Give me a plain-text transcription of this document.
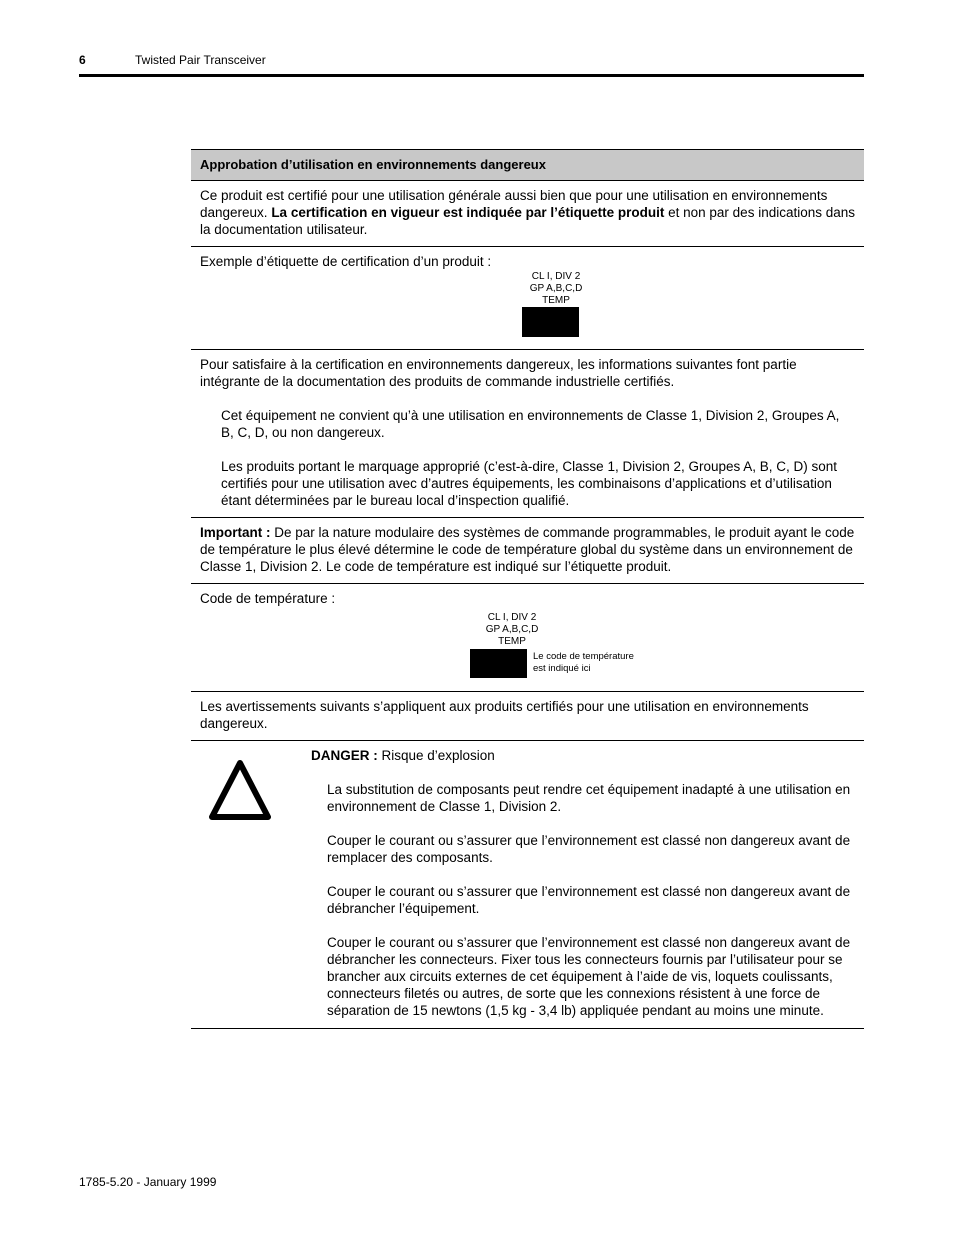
6	Twisted Pair Transceiver
Approbation d’utilisation en environnements dangereux

Ce produit est certifié pour une utilisation générale aussi bien que pour une utilisation en environnements dangereux. La certification en vigueur est indiquée par l’étiquette produit et non par des indications dans la documentation utilisateur.

Exemple d’étiquette de certification d’un produit :
CL I, DIV 2
GP A,B,C,D
TEMP

Pour satisfaire à la certification en environnements dangereux, les informations suivantes font partie intégrante de la documentation des produits de commande industrielle certifiés.

Cet équipement ne convient qu’à une utilisation en environnements de Classe 1, Division 2, Groupes A, B, C, D, ou non dangereux.

Les produits portant le marquage approprié (c’est-à-dire, Classe 1, Division 2, Groupes A, B, C, D) sont certifiés pour une utilisation avec d’autres équipements, les combinaisons d’applications et d’utilisation étant déterminées par le bureau local d’inspection qualifié.

Important : De par la nature modulaire des systèmes de commande programmables, le produit ayant le code de température le plus élevé détermine le code de température global du système dans un environnement de Classe 1, Division 2. Le code de température est indiqué sur l’étiquette produit.

Code de température :
CL I, DIV 2
GP A,B,C,D
TEMP
Le code de température
est indiqué ici

Les avertissements suivants s’appliquent aux produits certifiés pour une utilisation en environnements dangereux.

DANGER : Risque d’explosion

La substitution de composants peut rendre cet équipement inadapté à une utilisation en environnement de Classe 1, Division 2.

Couper le courant ou s’assurer que l’environnement est classé non dangereux avant de remplacer des composants.

Couper le courant ou s’assurer que l’environnement est classé non dangereux avant de débrancher l’équipement.

Couper le courant ou s’assurer que l’environnement est classé non dangereux avant de débrancher les connecteurs. Fixer tous les connecteurs fournis par l’utilisateur pour se brancher aux circuits externes de cet équipement à l’aide de vis, loquets coulissants, connecteurs filetés ou autres, de sorte que les connexions résistent à une force de séparation de 15 newtons (1,5 kg - 3,4 lb) appliquée pendant au moins une minute.

1785-5.20 - January 1999
